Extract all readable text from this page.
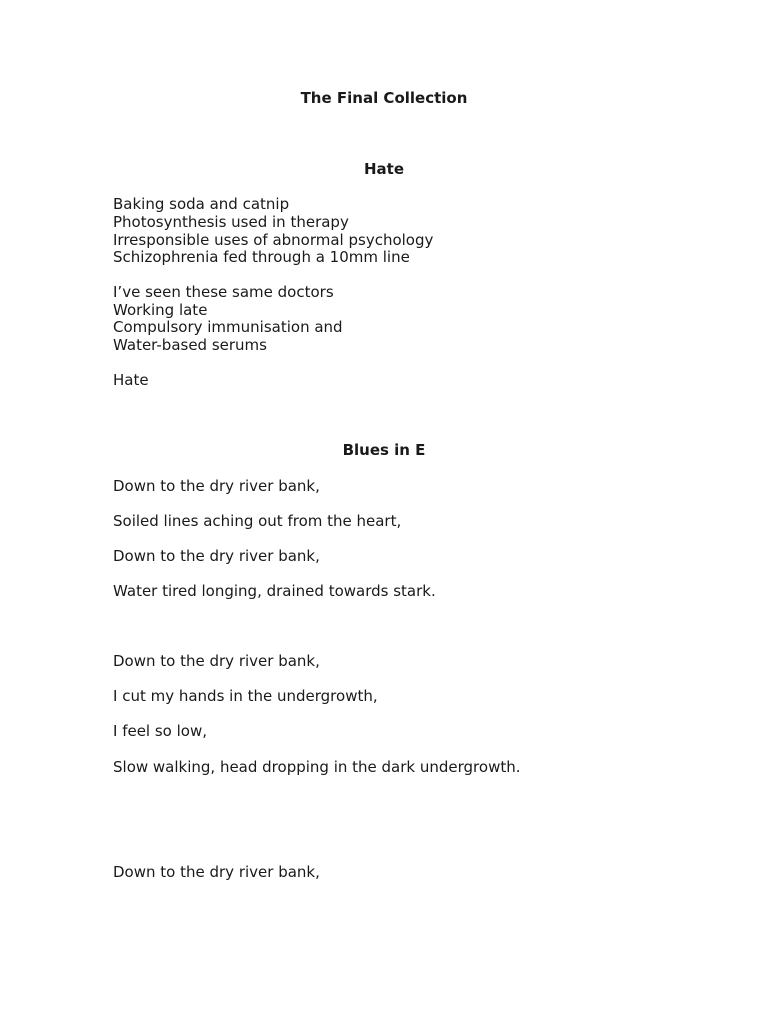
The Final Collection
Hate

Baking soda and catnip

Photosynthesis used in therapy

Irresponsible uses of abnormal psychology

Schizophrenia fed through a 10mm line

I’ve seen these same doctors

Working late

Compulsory immunisation and

Water-based serums

Hate

Blues in E

Down to the dry river bank,

Soiled lines aching out from the heart,

Down to the dry river bank,

Water tired longing, drained towards stark.

Down to the dry river bank,

I cut my hands in the undergrowth,

I feel so low,

Slow walking, head dropping in the dark undergrowth.

Down to the dry river bank,
